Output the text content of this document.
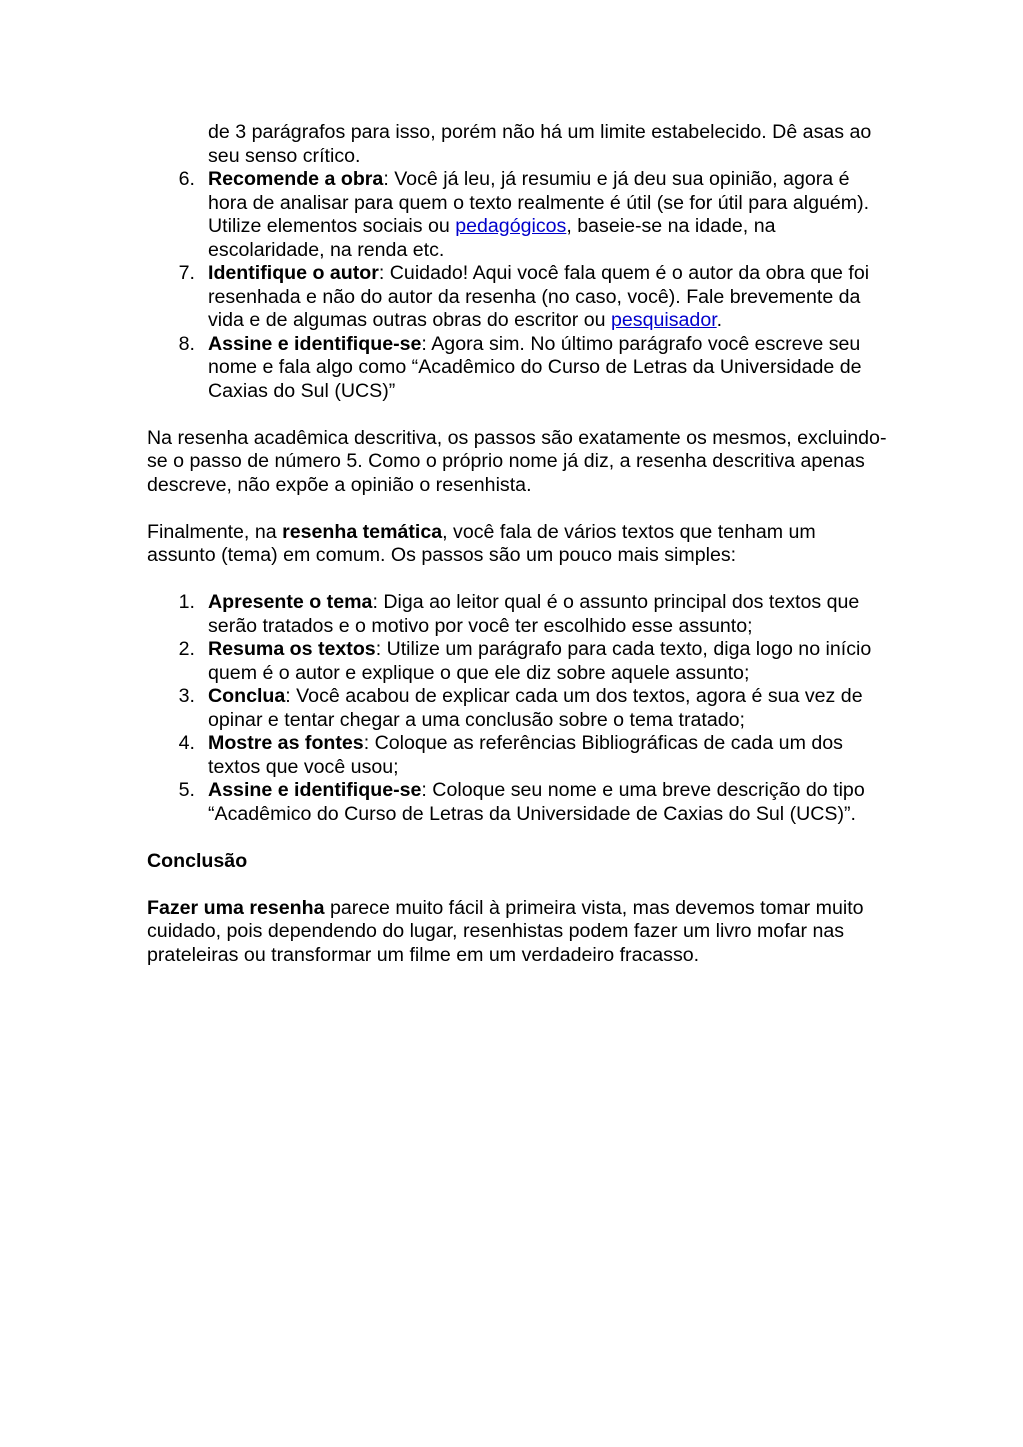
de 3 parágrafos para isso, porém não há um limite estabelecido. Dê asas ao seu senso crítico.
6. Recomende a obra: Você já leu, já resumiu e já deu sua opinião, agora é hora de analisar para quem o texto realmente é útil (se for útil para alguém). Utilize elementos sociais ou pedagógicos, baseie-se na idade, na escolaridade, na renda etc.
7. Identifique o autor: Cuidado! Aqui você fala quem é o autor da obra que foi resenhada e não do autor da resenha (no caso, você). Fale brevemente da vida e de algumas outras obras do escritor ou pesquisador.
8. Assine e identifique-se: Agora sim. No último parágrafo você escreve seu nome e fala algo como “Acadêmico do Curso de Letras da Universidade de Caxias do Sul (UCS)”

Na resenha acadêmica descritiva, os passos são exatamente os mesmos, excluindo-se o passo de número 5. Como o próprio nome já diz, a resenha descritiva apenas descreve, não expõe a opinião o resenhista.

Finalmente, na resenha temática, você fala de vários textos que tenham um assunto (tema) em comum. Os passos são um pouco mais simples:

1. Apresente o tema: Diga ao leitor qual é o assunto principal dos textos que serão tratados e o motivo por você ter escolhido esse assunto;
2. Resuma os textos: Utilize um parágrafo para cada texto, diga logo no início quem é o autor e explique o que ele diz sobre aquele assunto;
3. Conclua: Você acabou de explicar cada um dos textos, agora é sua vez de opinar e tentar chegar a uma conclusão sobre o tema tratado;
4. Mostre as fontes: Coloque as referências Bibliográficas de cada um dos textos que você usou;
5. Assine e identifique-se: Coloque seu nome e uma breve descrição do tipo “Acadêmico do Curso de Letras da Universidade de Caxias do Sul (UCS)”.

Conclusão

Fazer uma resenha parece muito fácil à primeira vista, mas devemos tomar muito cuidado, pois dependendo do lugar, resenhistas podem fazer um livro mofar nas prateleiras ou transformar um filme em um verdadeiro fracasso.
